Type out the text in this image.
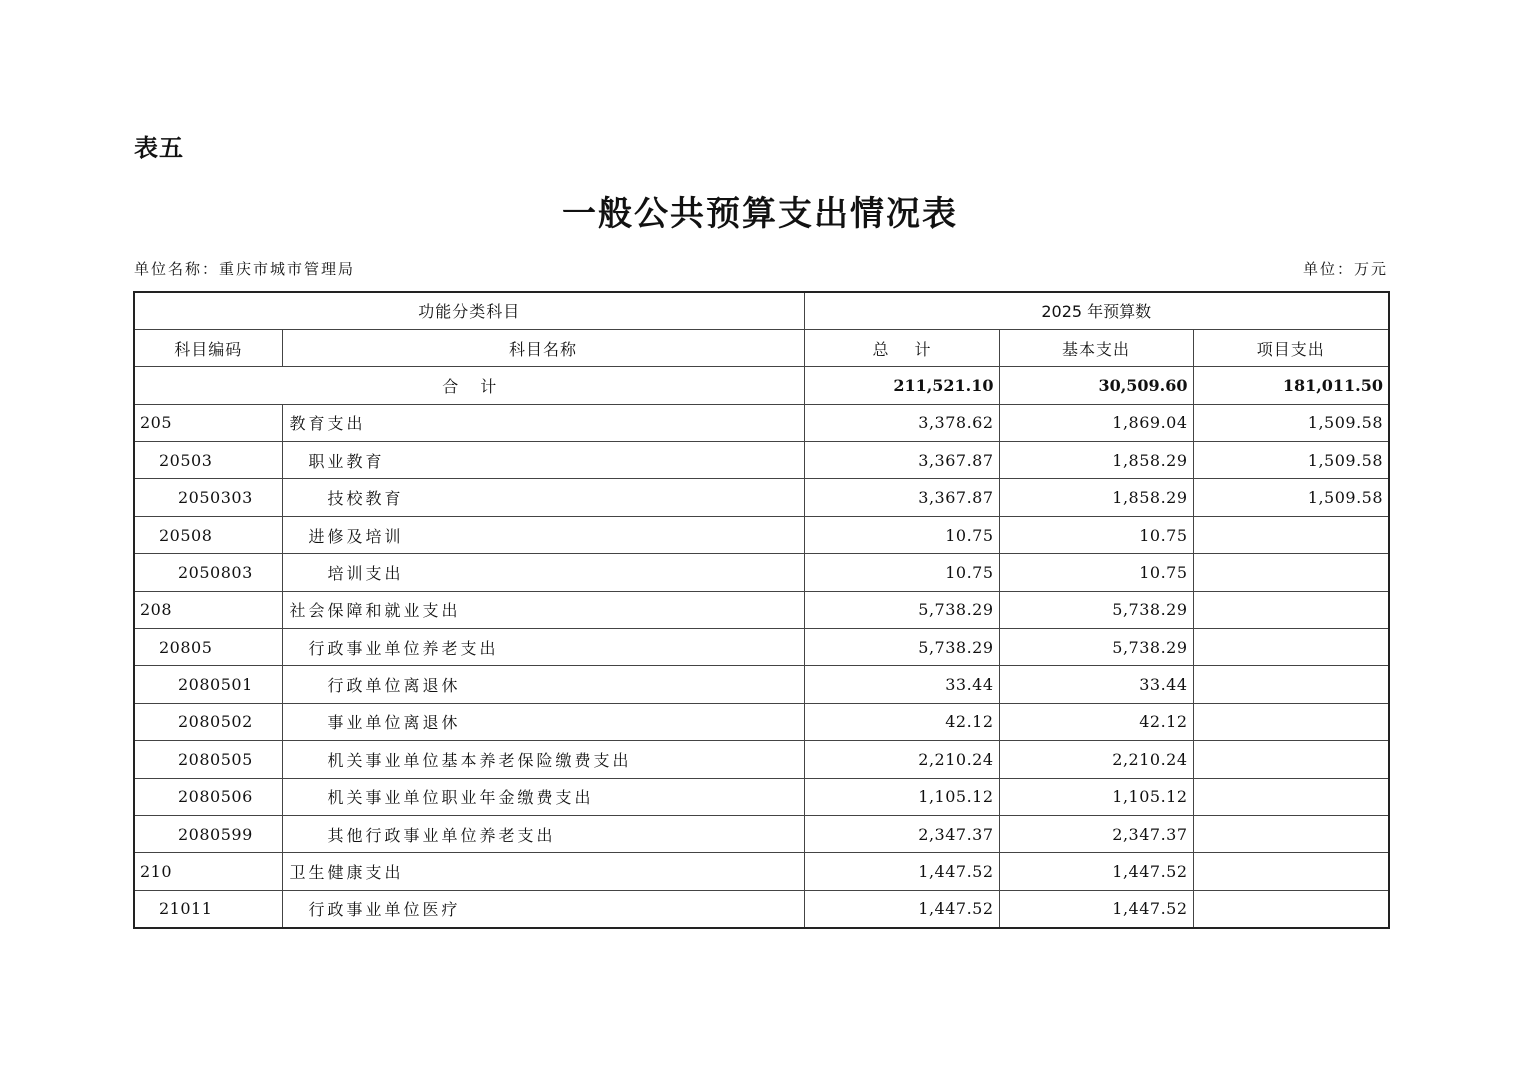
表五
一般公共预算支出情况表
单位名称：重庆市城市管理局	单位：万元
功能分类科目		2025 年预算数		
科目编码	科目名称	总 计	基本支出	项目支出
合 计		211,521.10	30,509.60	181,011.50
205	教育支出	3,378.62	1,869.04	1,509.58
20503	职业教育	3,367.87	1,858.29	1,509.58
2050303	技校教育	3,367.87	1,858.29	1,509.58
20508	进修及培训	10.75	10.75	
2050803	培训支出	10.75	10.75	
208	社会保障和就业支出	5,738.29	5,738.29	
20805	行政事业单位养老支出	5,738.29	5,738.29	
2080501	行政单位离退休	33.44	33.44	
2080502	事业单位离退休	42.12	42.12	
2080505	机关事业单位基本养老保险缴费支出	2,210.24	2,210.24	
2080506	机关事业单位职业年金缴费支出	1,105.12	1,105.12	
2080599	其他行政事业单位养老支出	2,347.37	2,347.37	
210	卫生健康支出	1,447.52	1,447.52	
21011	行政事业单位医疗	1,447.52	1,447.52	
